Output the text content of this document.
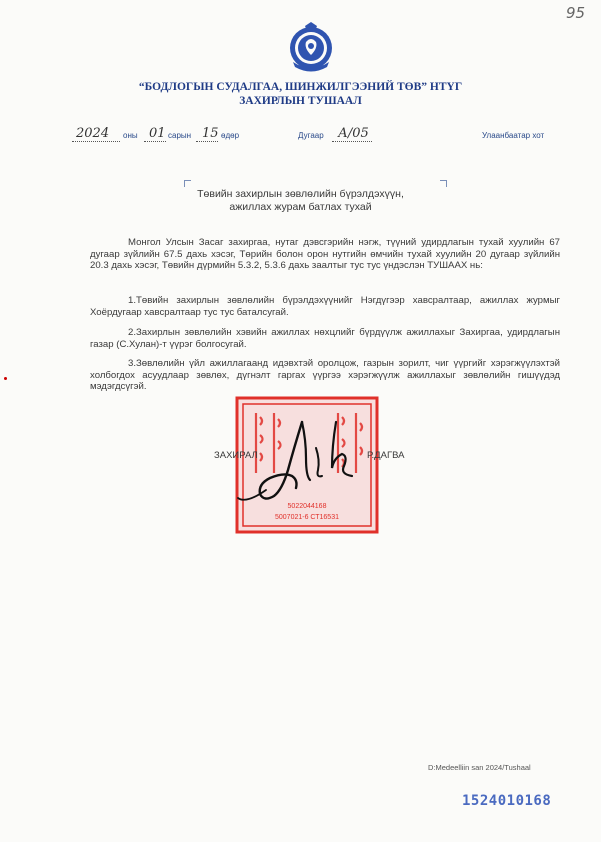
95
“БОДЛОГЫН СУДАЛГАА, ШИНЖИЛГЭЭНИЙ ТӨВ” НТҮГ
ЗАХИРЛЫН ТУШААЛ
2024 оны 01 сарын 15 өдөр	Дугаар А/05	Улаанбаатар хот
Төвийн захирлын зөвлөлийн бүрэлдэхүүн,
ажиллах журам батлах тухай

Монгол Улсын Засаг захиргаа, нутаг дэвсгэрийн нэгж, түүний удирдлагын тухай хуулийн 67 дугаар зүйлийн 67.5 дахь хэсэг, Төрийн болон орон нутгийн өмчийн тухай хуулийн 20 дугаар зүйлийн 20.3 дахь хэсэг, Төвийн дүрмийн 5.3.2, 5.3.6 дахь заалтыг тус тус үндэслэн ТУШААХ нь:

1.Төвийн захирлын зөвлөлийн бүрэлдэхүүнийг Нэгдүгээр хавсралтаар, ажиллах журмыг Хоёрдугаар хавсралтаар тус тус баталсугай.

2.Захирлын зөвлөлийн хэвийн ажиллах нөхцлийг бүрдүүлж ажиллахыг Захиргаа, удирдлагын газар (С.Хулан)-т үүрэг болгосугай.

3.Зөвлөлийн үйл ажиллагаанд идэвхтэй оролцож, газрын зорилт, чиг үүргийг хэрэгжүүлэхтэй холбогдох асуудлаар зөвлөх, дүгнэлт гаргах үүргээ хэрэгжүүлж ажиллахыг зөвлөлийн гишүүдэд мэдэгдсүгэй.

5022044168
5007021-6 СТ16531
ЗАХИРАЛ	Р.ДАГВА
D:Medeelliin san 2024/Tushaal
1524010168
